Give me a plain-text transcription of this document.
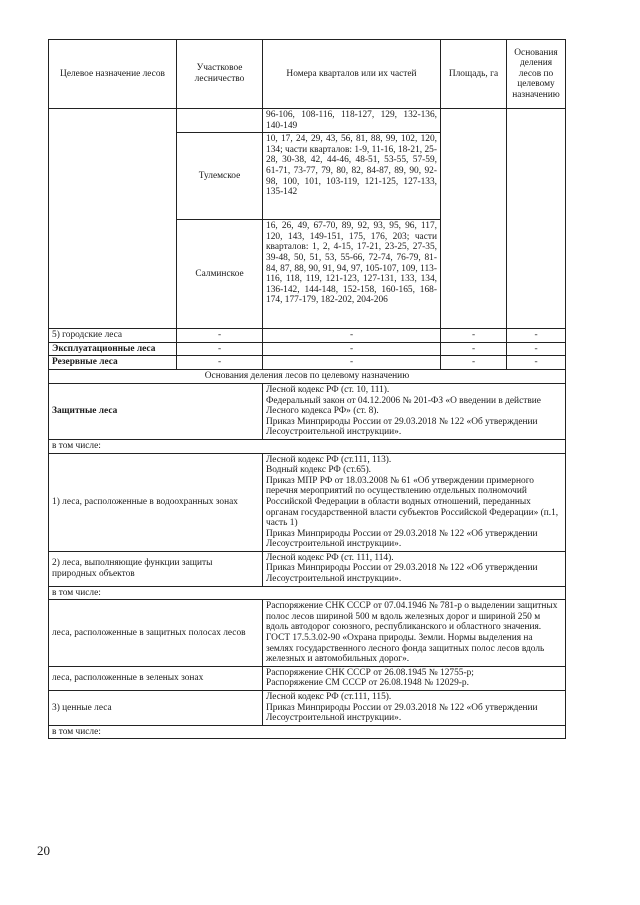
Целевое назначение лесов	Участковое лесничество	Номера кварталов или их частей	Площадь, га	Основания деления лесов по целевому назначению
		96-106, 108-116, 118-127, 129, 132-136, 140-149		
	Тулемское	10, 17, 24, 29, 43, 56, 81, 88, 99, 102, 120, 134; части кварталов: 1-9, 11-16, 18-21, 25-28, 30-38, 42, 44-46, 48-51, 53-55, 57-59, 61-71, 73-77, 79, 80, 82, 84-87, 89, 90, 92-98, 100, 101, 103-119, 121-125, 127-133, 135-142		
	Салминское	16, 26, 49, 67-70, 89, 92, 93, 95, 96, 117, 120, 143, 149-151, 175, 176, 203; части кварталов: 1, 2, 4-15, 17-21, 23-25, 27-35, 39-48, 50, 51, 53, 55-66, 72-74, 76-79, 81-84, 87, 88, 90, 91, 94, 97, 105-107, 109, 113-116, 118, 119, 121-123, 127-131, 133, 134, 136-142, 144-148, 152-158, 160-165, 168-174, 177-179, 182-202, 204-206		
5) городские леса	-	-	-	-
Эксплуатационные леса	-	-	-	-
Резервные леса	-	-	-	-
Основания деления лесов по целевому назначению				
Защитные леса		Лесной кодекс РФ (ст. 10, 111).
Федеральный закон от 04.12.2006 № 201-ФЗ «О введении в действие Лесного кодекса РФ» (ст. 8).
Приказ Минприроды России от 29.03.2018 № 122 «Об утверждении Лесоустроительной инструкции».		

в том числе:				
1) леса, расположенные в водоохранных зонах		Лесной кодекс РФ (ст.111, 113).
Водный кодекс РФ (ст.65).
Приказ МПР РФ от 18.03.2008 № 61 «Об утверждении примерного перечня мероприятий по осуществлению отдельных полномочий Российской Федерации в области водных отношений, переданных органам государственной власти субъектов Российской Федерации» (п.1, часть 1)
Приказ Минприроды России от 29.03.2018 № 122 «Об утверждении Лесоустроительной инструкции».		

2) леса, выполняющие функции защиты природных объектов		Лесной кодекс РФ (ст. 111, 114).
Приказ Минприроды России от 29.03.2018 № 122 «Об утверждении Лесоустроительной инструкции».		

в том числе:				
леса, расположенные в защитных полосах лесов		Распоряжение СНК СССР от 07.04.1946 № 781-р о выделении защитных полос лесов шириной 500 м вдоль железных дорог и шириной 250 м вдоль автодорог союзного, республиканского и областного значения.
ГОСТ 17.5.3.02-90 «Охрана природы. Земли. Нормы выделения на землях государственного лесного фонда защитных полос лесов вдоль железных и автомобильных дорог».		

леса, расположенные в зеленых зонах		Распоряжение СНК СССР от 26.08.1945 № 12755-р;
Распоряжение СМ СССР от 26.08.1948 № 12029-р.		

3) ценные леса		Лесной кодекс РФ (ст.111, 115).
Приказ Минприроды России от 29.03.2018 № 122 «Об утверждении Лесоустроительной инструкции».		

в том числе:				
20
